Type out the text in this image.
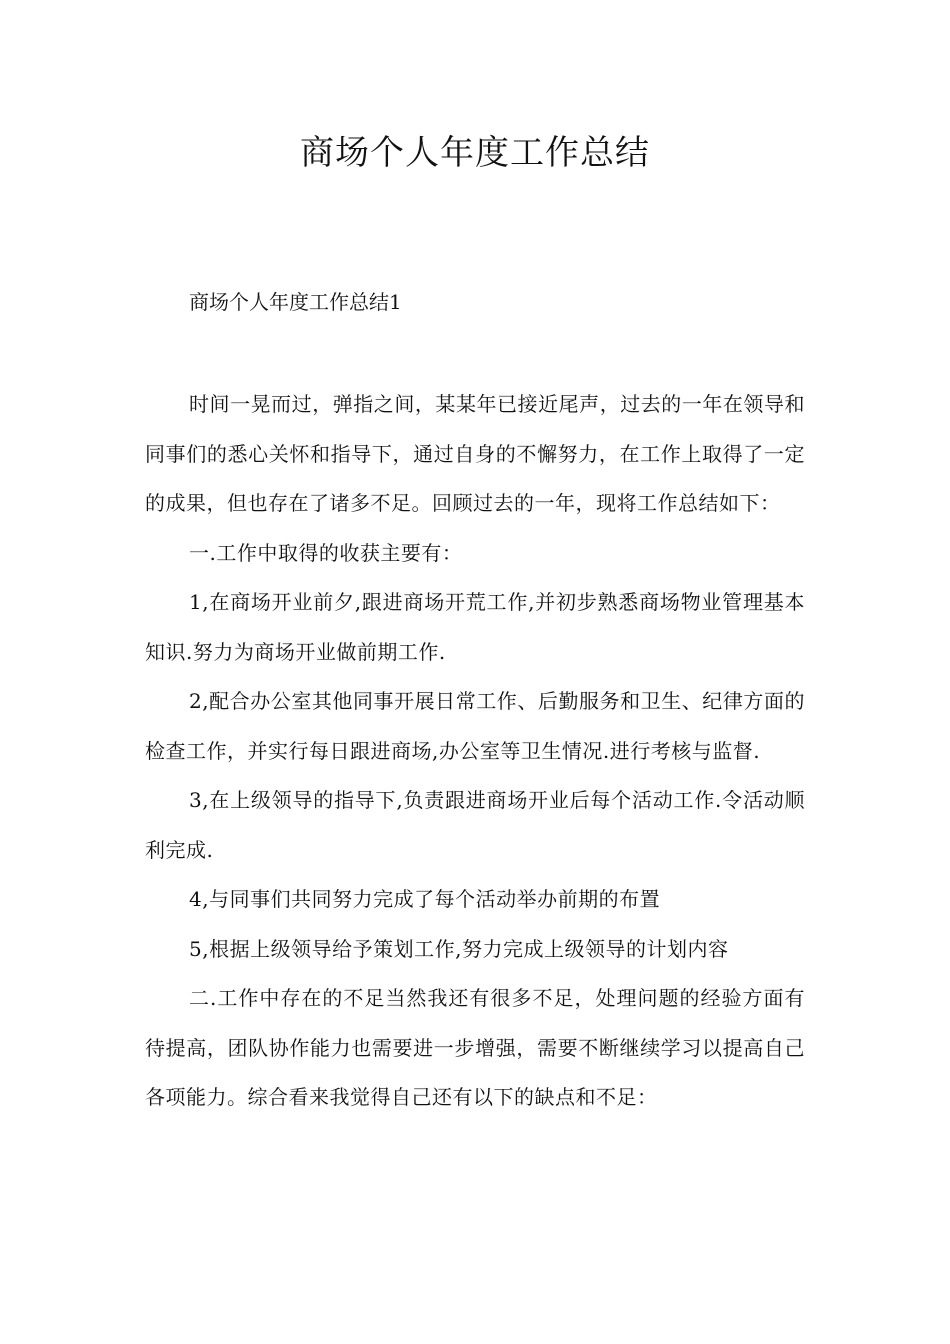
商场个人年度工作总结

商场个人年度工作总结1

时间一晃而过，弹指之间，某某年已接近尾声，过去的一年在领导和同事们的悉心关怀和指导下，通过自身的不懈努力，在工作上取得了一定的成果，但也存在了诸多不足。回顾过去的一年，现将工作总结如下：

一.工作中取得的收获主要有：

1,在商场开业前夕,跟进商场开荒工作,并初步熟悉商场物业管理基本知识.努力为商场开业做前期工作.

2,配合办公室其他同事开展日常工作、后勤服务和卫生、纪律方面的检查工作，并实行每日跟进商场,办公室等卫生情况.进行考核与监督.

3,在上级领导的指导下,负责跟进商场开业后每个活动工作.令活动顺利完成.

4,与同事们共同努力完成了每个活动举办前期的布置

5,根据上级领导给予策划工作,努力完成上级领导的计划内容

二.工作中存在的不足当然我还有很多不足，处理问题的经验方面有待提高，团队协作能力也需要进一步增强，需要不断继续学习以提高自己各项能力。综合看来我觉得自己还有以下的缺点和不足：
